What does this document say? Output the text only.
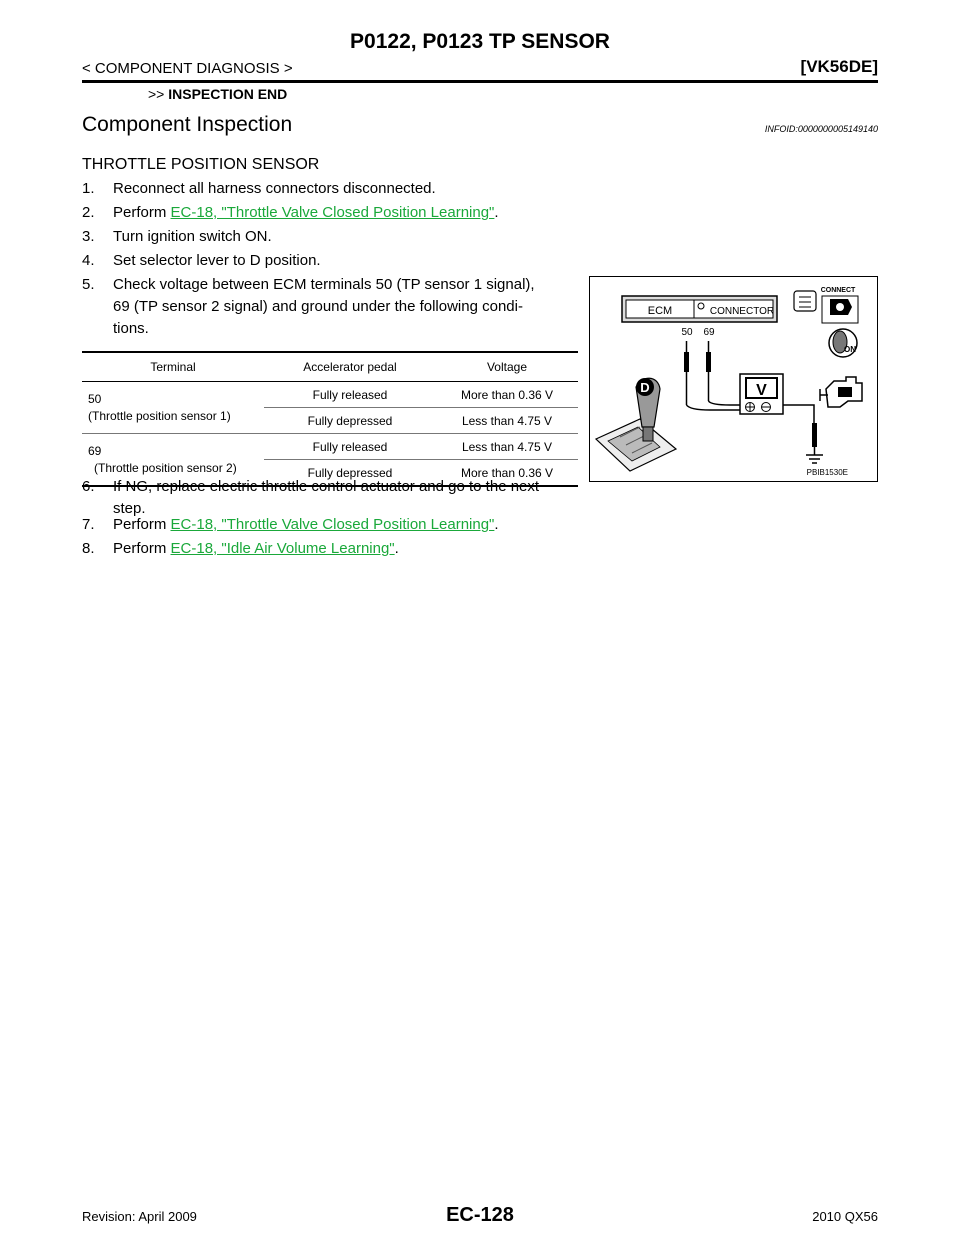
P0122, P0123 TP SENSOR
< COMPONENT DIAGNOSIS >	[VK56DE]
>> INSPECTION END
Component Inspection	INFOID:0000000005149140
THROTTLE POSITION SENSOR
1. Reconnect all harness connectors disconnected.
2. Perform EC-18, "Throttle Valve Closed Position Learning".
3. Turn ignition switch ON.
4. Set selector lever to D position.
5. Check voltage between ECM terminals 50 (TP sensor 1 signal),
69 (TP sensor 2 signal) and ground under the following condi-
tions.
Terminal	Accelerator pedal	Voltage

50
(Throttle position sensor 1)	Fully released	More than 0.36 V
	Fully depressed	Less than 4.75 V

69
(Throttle position sensor 2)	Fully released	Less than 4.75 V
	Fully depressed	More than 0.36 V
6. If NG, replace electric throttle control actuator and go to the next
step.
7. Perform EC-18, "Throttle Valve Closed Position Learning".
8. Perform EC-18, "Idle Air Volume Learning".
ECM	CONNECTOR
50 69
V
D
CONNECT
H.S.
ON
PBIB1530E
Revision: April 2009	EC-128	2010 QX56
